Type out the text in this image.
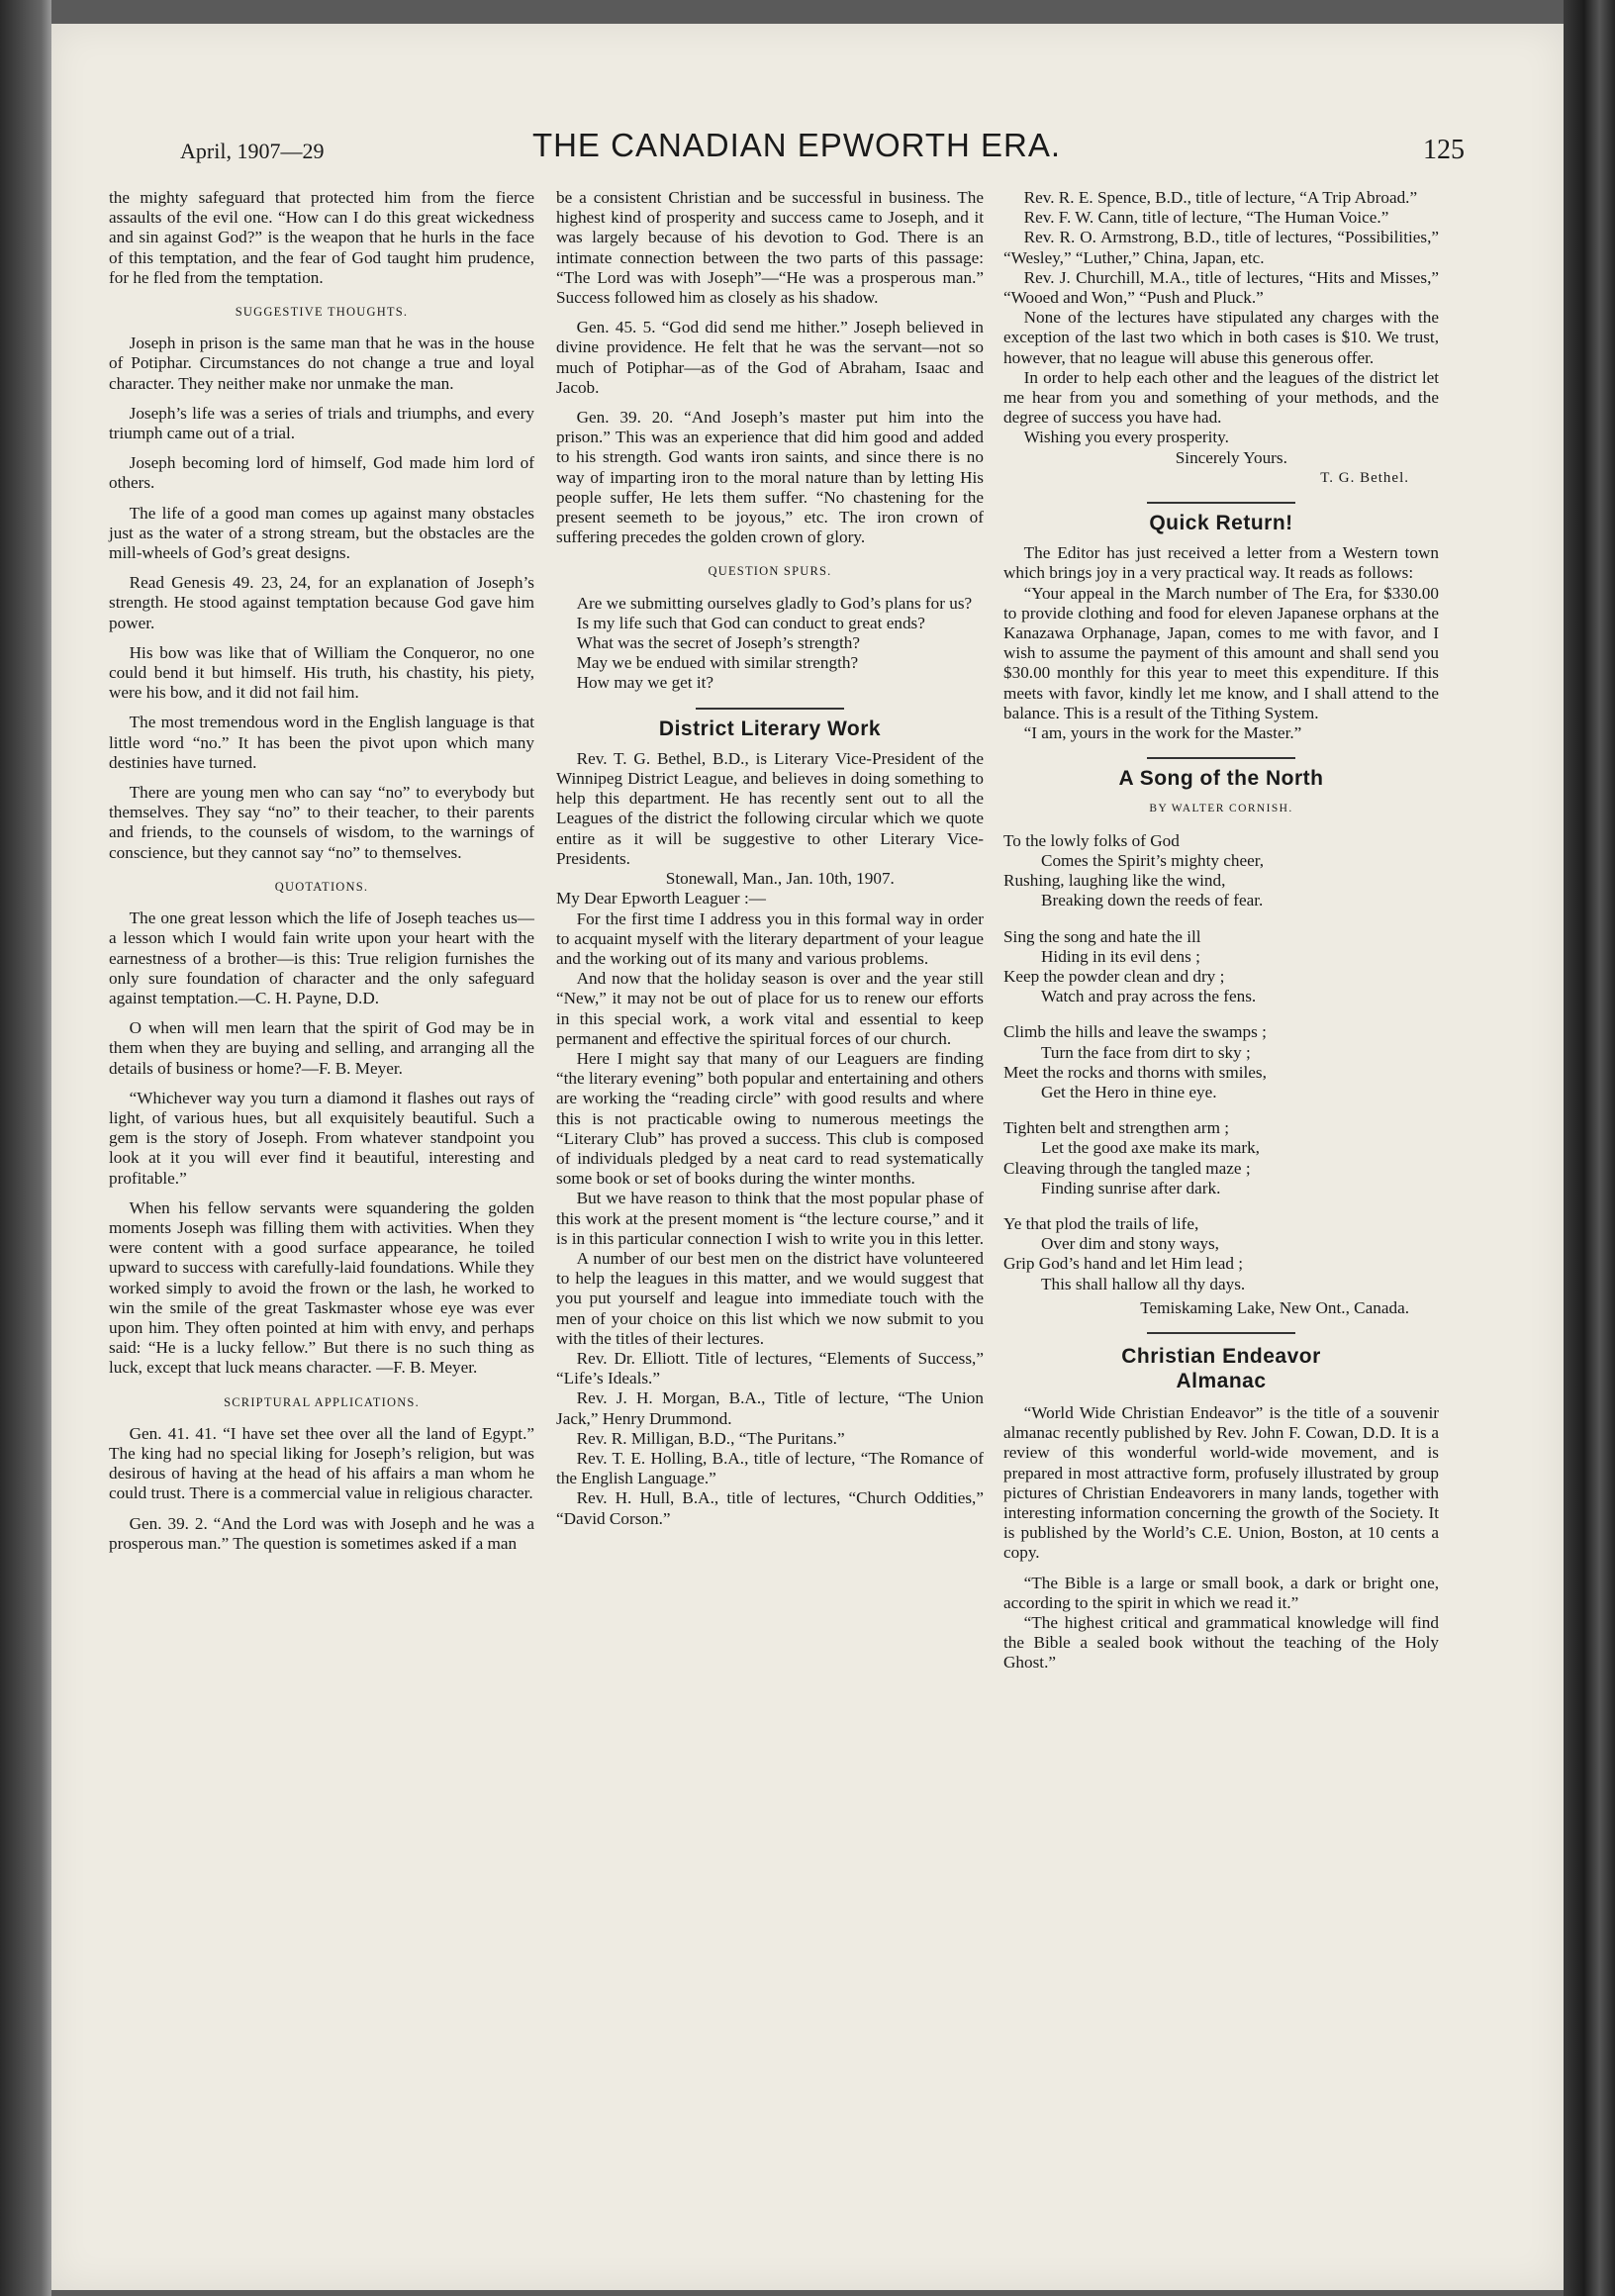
April, 1907—29	THE CANADIAN EPWORTH ERA.	125

the mighty safeguard that protected him from the fierce assaults of the evil one. “How can I do this great wickedness and sin against God?” is the weapon that he hurls in the face of this temptation, and the fear of God taught him prudence, for he fled from the temptation.

SUGGESTIVE THOUGHTS.

Joseph in prison is the same man that he was in the house of Potiphar. Circumstances do not change a true and loyal character. They neither make nor unmake the man.

Joseph’s life was a series of trials and triumphs, and every triumph came out of a trial.

Joseph becoming lord of himself, God made him lord of others.

The life of a good man comes up against many obstacles just as the water of a strong stream, but the obstacles are the mill-wheels of God’s great designs.

Read Genesis 49. 23, 24, for an explanation of Joseph’s strength. He stood against temptation because God gave him power.

His bow was like that of William the Conqueror, no one could bend it but himself. His truth, his chastity, his piety, were his bow, and it did not fail him.

The most tremendous word in the English language is that little word “no.” It has been the pivot upon which many destinies have turned.

There are young men who can say “no” to everybody but themselves. They say “no” to their teacher, to their parents and friends, to the counsels of wisdom, to the warnings of conscience, but they cannot say “no” to themselves.

QUOTATIONS.

The one great lesson which the life of Joseph teaches us—a lesson which I would fain write upon your heart with the earnestness of a brother—is this: True religion furnishes the only sure foundation of character and the only safeguard against temptation.—C. H. Payne, D.D.

O when will men learn that the spirit of God may be in them when they are buying and selling, and arranging all the details of business or home?—F. B. Meyer.

“Whichever way you turn a diamond it flashes out rays of light, of various hues, but all exquisitely beautiful. Such a gem is the story of Joseph. From whatever standpoint you look at it you will ever find it beautiful, interesting and profitable.”

When his fellow servants were squandering the golden moments Joseph was filling them with activities. When they were content with a good surface appearance, he toiled upward to success with carefully-laid foundations. While they worked simply to avoid the frown or the lash, he worked to win the smile of the great Taskmaster whose eye was ever upon him. They often pointed at him with envy, and perhaps said: “He is a lucky fellow.” But there is no such thing as luck, except that luck means character. —F. B. Meyer.

SCRIPTURAL APPLICATIONS.

Gen. 41. 41. “I have set thee over all the land of Egypt.” The king had no special liking for Joseph’s religion, but was desirous of having at the head of his affairs a man whom he could trust. There is a commercial value in religious character.

Gen. 39. 2. “And the Lord was with Joseph and he was a prosperous man.” The question is sometimes asked if a man

be a consistent Christian and be successful in business. The highest kind of prosperity and success came to Joseph, and it was largely because of his devotion to God. There is an intimate connection between the two parts of this passage: “The Lord was with Joseph”—“He was a prosperous man.” Success followed him as closely as his shadow.

Gen. 45. 5. “God did send me hither.” Joseph believed in divine providence. He felt that he was the servant—not so much of Potiphar—as of the God of Abraham, Isaac and Jacob.

Gen. 39. 20. “And Joseph’s master put him into the prison.” This was an experience that did him good and added to his strength. God wants iron saints, and since there is no way of imparting iron to the moral nature than by letting His people suffer, He lets them suffer. “No chastening for the present seemeth to be joyous,” etc. The iron crown of suffering precedes the golden crown of glory.

QUESTION SPURS.

Are we submitting ourselves gladly to God’s plans for us?

Is my life such that God can conduct to great ends?

What was the secret of Joseph’s strength?

May we be endued with similar strength?

How may we get it?

District Literary Work

Rev. T. G. Bethel, B.D., is Literary Vice-President of the Winnipeg District League, and believes in doing something to help this department. He has recently sent out to all the Leagues of the district the following circular which we quote entire as it will be suggestive to other Literary Vice-Presidents.

Stonewall, Man., Jan. 10th, 1907.

My Dear Epworth Leaguer :—

For the first time I address you in this formal way in order to acquaint myself with the literary department of your league and the working out of its many and various problems.

And now that the holiday season is over and the year still “New,” it may not be out of place for us to renew our efforts in this special work, a work vital and essential to keep permanent and effective the spiritual forces of our church.

Here I might say that many of our Leaguers are finding “the literary evening” both popular and entertaining and others are working the “reading circle” with good results and where this is not practicable owing to numerous meetings the “Literary Club” has proved a success. This club is composed of individuals pledged by a neat card to read systematically some book or set of books during the winter months.

But we have reason to think that the most popular phase of this work at the present moment is “the lecture course,” and it is in this particular connection I wish to write you in this letter.

A number of our best men on the district have volunteered to help the leagues in this matter, and we would suggest that you put yourself and league into immediate touch with the men of your choice on this list which we now submit to you with the titles of their lectures.

Rev. Dr. Elliott. Title of lectures, “Elements of Success,” “Life’s Ideals.”

Rev. J. H. Morgan, B.A., Title of lecture, “The Union Jack,” Henry Drummond.

Rev. R. Milligan, B.D., “The Puritans.”

Rev. T. E. Holling, B.A., title of lecture, “The Romance of the English Language.”

Rev. H. Hull, B.A., title of lectures, “Church Oddities,” “David Corson.”

Rev. R. E. Spence, B.D., title of lecture, “A Trip Abroad.”

Rev. F. W. Cann, title of lecture, “The Human Voice.”

Rev. R. O. Armstrong, B.D., title of lectures, “Possibilities,” “Wesley,” “Luther,” China, Japan, etc.

Rev. J. Churchill, M.A., title of lectures, “Hits and Misses,” “Wooed and Won,” “Push and Pluck.”

None of the lectures have stipulated any charges with the exception of the last two which in both cases is $10. We trust, however, that no league will abuse this generous offer.

In order to help each other and the leagues of the district let me hear from you and something of your methods, and the degree of success you have had.

Wishing you every prosperity.

Sincerely Yours.

T. G. Bethel.

Quick Return!

The Editor has just received a letter from a Western town which brings joy in a very practical way. It reads as follows:

“Your appeal in the March number of The Era, for $330.00 to provide clothing and food for eleven Japanese orphans at the Kanazawa Orphanage, Japan, comes to me with favor, and I wish to assume the payment of this amount and shall send you $30.00 monthly for this year to meet this expenditure. If this meets with favor, kindly let me know, and I shall attend to the balance. This is a result of the Tithing System.

“I am, yours in the work for the Master.”

A Song of the North
BY WALTER CORNISH.
To the lowly folks of God
Comes the Spirit’s mighty cheer,
Rushing, laughing like the wind,
Breaking down the reeds of fear.
Sing the song and hate the ill
Hiding in its evil dens ;
Keep the powder clean and dry ;
Watch and pray across the fens.
Climb the hills and leave the swamps ;
Turn the face from dirt to sky ;
Meet the rocks and thorns with smiles,
Get the Hero in thine eye.
Tighten belt and strengthen arm ;
Let the good axe make its mark,
Cleaving through the tangled maze ;
Finding sunrise after dark.
Ye that plod the trails of life,
Over dim and stony ways,
Grip God’s hand and let Him lead ;
This shall hallow all thy days.

Temiskaming Lake, New Ont., Canada.

Christian Endeavor
Almanac

“World Wide Christian Endeavor” is the title of a souvenir almanac recently published by Rev. John F. Cowan, D.D. It is a review of this wonderful world-wide movement, and is prepared in most attractive form, profusely illustrated by group pictures of Christian Endeavorers in many lands, together with interesting information concerning the growth of the Society. It is published by the World’s C.E. Union, Boston, at 10 cents a copy.

“The Bible is a large or small book, a dark or bright one, according to the spirit in which we read it.”

“The highest critical and grammatical knowledge will find the Bible a sealed book without the teaching of the Holy Ghost.”
